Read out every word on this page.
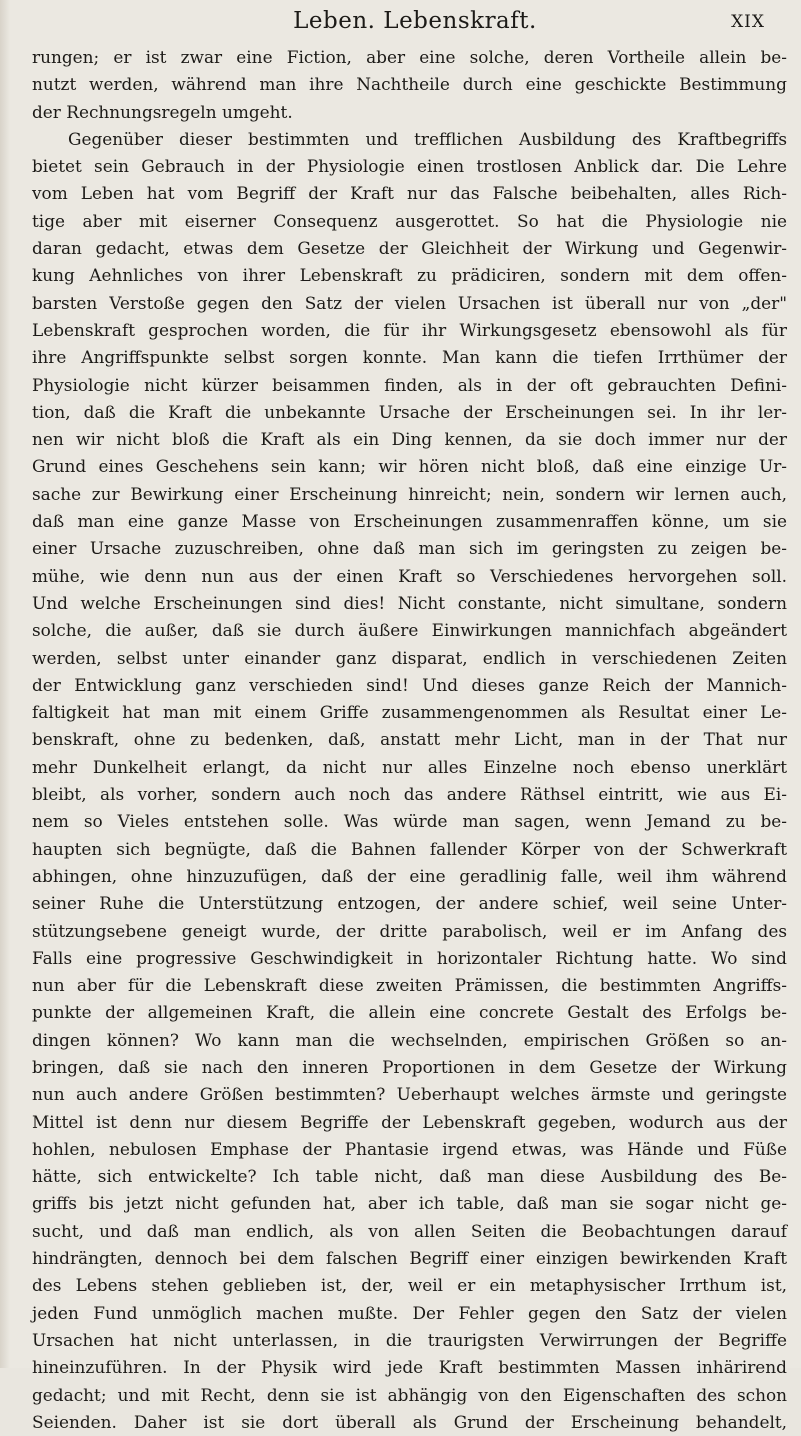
Leben. Lebenskraft.	XIX
rungen; er ist zwar eine Fiction, aber eine solche, deren Vortheile allein be-
nutzt werden, während man ihre Nachtheile durch eine geschickte Bestimmung
der Rechnungsregeln umgeht.
Gegenüber dieser bestimmten und trefflichen Ausbildung des Kraftbegriffs
bietet sein Gebrauch in der Physiologie einen trostlosen Anblick dar. Die Lehre
vom Leben hat vom Begriff der Kraft nur das Falsche beibehalten, alles Rich-
tige aber mit eiserner Consequenz ausgerottet. So hat die Physiologie nie
daran gedacht, etwas dem Gesetze der Gleichheit der Wirkung und Gegenwir-
kung Aehnliches von ihrer Lebenskraft zu prädiciren, sondern mit dem offen-
barsten Verstoße gegen den Satz der vielen Ursachen ist überall nur von „der"
Lebenskraft gesprochen worden, die für ihr Wirkungsgesetz ebensowohl als für
ihre Angriffspunkte selbst sorgen konnte. Man kann die tiefen Irrthümer der
Physiologie nicht kürzer beisammen finden, als in der oft gebrauchten Defini-
tion, daß die Kraft die unbekannte Ursache der Erscheinungen sei. In ihr ler-
nen wir nicht bloß die Kraft als ein Ding kennen, da sie doch immer nur der
Grund eines Geschehens sein kann; wir hören nicht bloß, daß eine einzige Ur-
sache zur Bewirkung einer Erscheinung hinreicht; nein, sondern wir lernen auch,
daß man eine ganze Masse von Erscheinungen zusammenraffen könne, um sie
einer Ursache zuzuschreiben, ohne daß man sich im geringsten zu zeigen be-
mühe, wie denn nun aus der einen Kraft so Verschiedenes hervorgehen soll.
Und welche Erscheinungen sind dies! Nicht constante, nicht simultane, sondern
solche, die außer, daß sie durch äußere Einwirkungen mannichfach abgeändert
werden, selbst unter einander ganz disparat, endlich in verschiedenen Zeiten
der Entwicklung ganz verschieden sind! Und dieses ganze Reich der Mannich-
faltigkeit hat man mit einem Griffe zusammengenommen als Resultat einer Le-
benskraft, ohne zu bedenken, daß, anstatt mehr Licht, man in der That nur
mehr Dunkelheit erlangt, da nicht nur alles Einzelne noch ebenso unerklärt
bleibt, als vorher, sondern auch noch das andere Räthsel eintritt, wie aus Ei-
nem so Vieles entstehen solle. Was würde man sagen, wenn Jemand zu be-
haupten sich begnügte, daß die Bahnen fallender Körper von der Schwerkraft
abhingen, ohne hinzuzufügen, daß der eine geradlinig falle, weil ihm während
seiner Ruhe die Unterstützung entzogen, der andere schief, weil seine Unter-
stützungsebene geneigt wurde, der dritte parabolisch, weil er im Anfang des
Falls eine progressive Geschwindigkeit in horizontaler Richtung hatte. Wo sind
nun aber für die Lebenskraft diese zweiten Prämissen, die bestimmten Angriffs-
punkte der allgemeinen Kraft, die allein eine concrete Gestalt des Erfolgs be-
dingen können? Wo kann man die wechselnden, empirischen Größen so an-
bringen, daß sie nach den inneren Proportionen in dem Gesetze der Wirkung
nun auch andere Größen bestimmten? Ueberhaupt welches ärmste und geringste
Mittel ist denn nur diesem Begriffe der Lebenskraft gegeben, wodurch aus der
hohlen, nebulosen Emphase der Phantasie irgend etwas, was Hände und Füße
hätte, sich entwickelte? Ich table nicht, daß man diese Ausbildung des Be-
griffs bis jetzt nicht gefunden hat, aber ich table, daß man sie sogar nicht ge-
sucht, und daß man endlich, als von allen Seiten die Beobachtungen darauf
hindrängten, dennoch bei dem falschen Begriff einer einzigen bewirkenden Kraft
des Lebens stehen geblieben ist, der, weil er ein metaphysischer Irrthum ist,
jeden Fund unmöglich machen mußte. Der Fehler gegen den Satz der vielen
Ursachen hat nicht unterlassen, in die traurigsten Verwirrungen der Begriffe
hineinzuführen. In der Physik wird jede Kraft bestimmten Massen inhärirend
gedacht; und mit Recht, denn sie ist abhängig von den Eigenschaften des schon
Seienden. Daher ist sie dort überall als Grund der Erscheinung behandelt,
